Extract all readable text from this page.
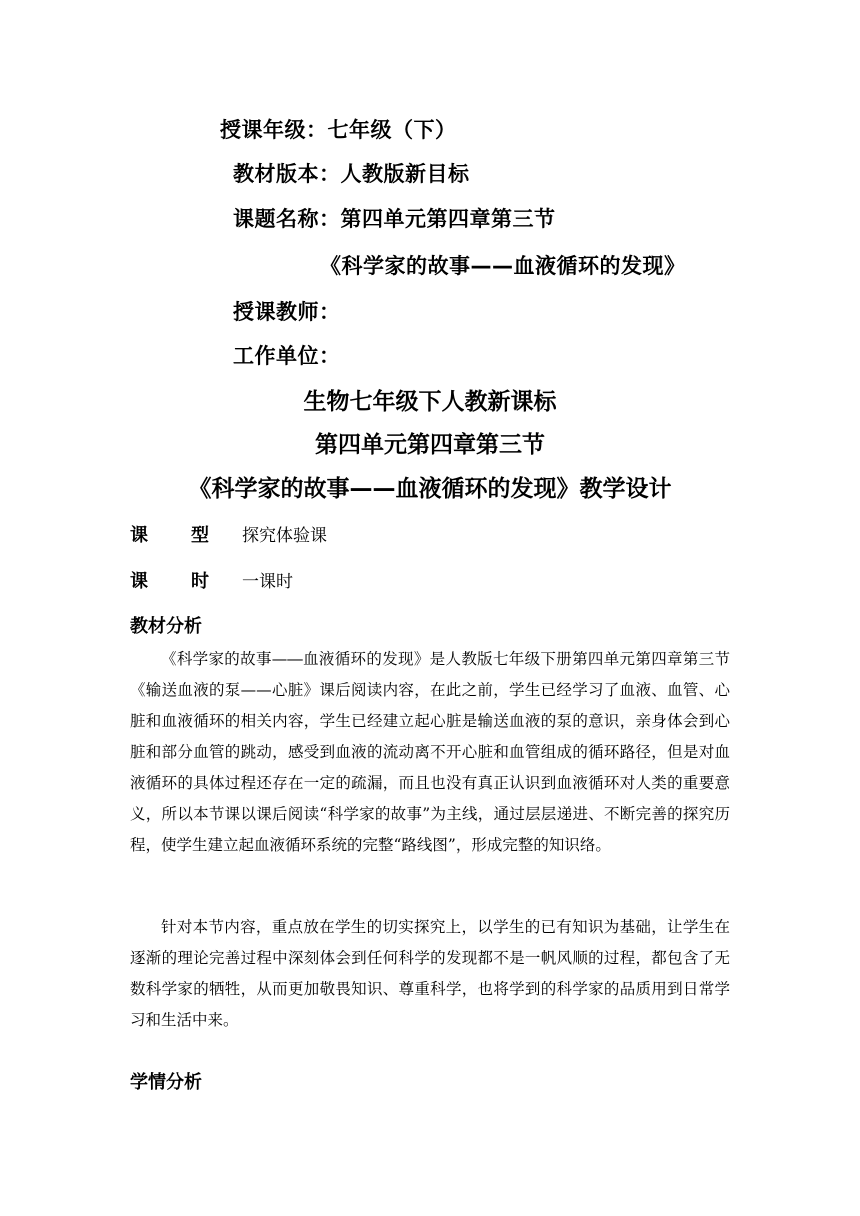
授课年级：七年级（下）
教材版本：人教版新目标
课题名称：第四单元第四章第三节
《科学家的故事——血液循环的发现》
授课教师：
工作单位：
生物七年级下人教新课标
第四单元第四章第三节
《科学家的故事——血液循环的发现》教学设计
课 型 探究体验课
课 时 一课时
教材分析

《科学家的故事—―血液循环的发现》是人教版七年级下册第四单元第四章第三节《输送血液的泵——心脏》课后阅读内容，在此之前，学生已经学习了血液、血管、心脏和血液循环的相关内容，学生已经建立起心脏是输送血液的泵的意识，亲身体会到心脏和部分血管的跳动，感受到血液的流动离不开心脏和血管组成的循环路径，但是对血液循环的具体过程还存在一定的疏漏，而且也没有真正认识到血液循环对人类的重要意义，所以本节课以课后阅读“科学家的故事”为主线，通过层层递进、不断完善的探究历程，使学生建立起血液循环系统的完整“路线图”，形成完整的知识络。

针对本节内容，重点放在学生的切实探究上，以学生的已有知识为基础，让学生在逐渐的理论完善过程中深刻体会到任何科学的发现都不是一帆风顺的过程，都包含了无数科学家的牺牲，从而更加敬畏知识、尊重科学，也将学到的科学家的品质用到日常学习和生活中来。

学情分析
